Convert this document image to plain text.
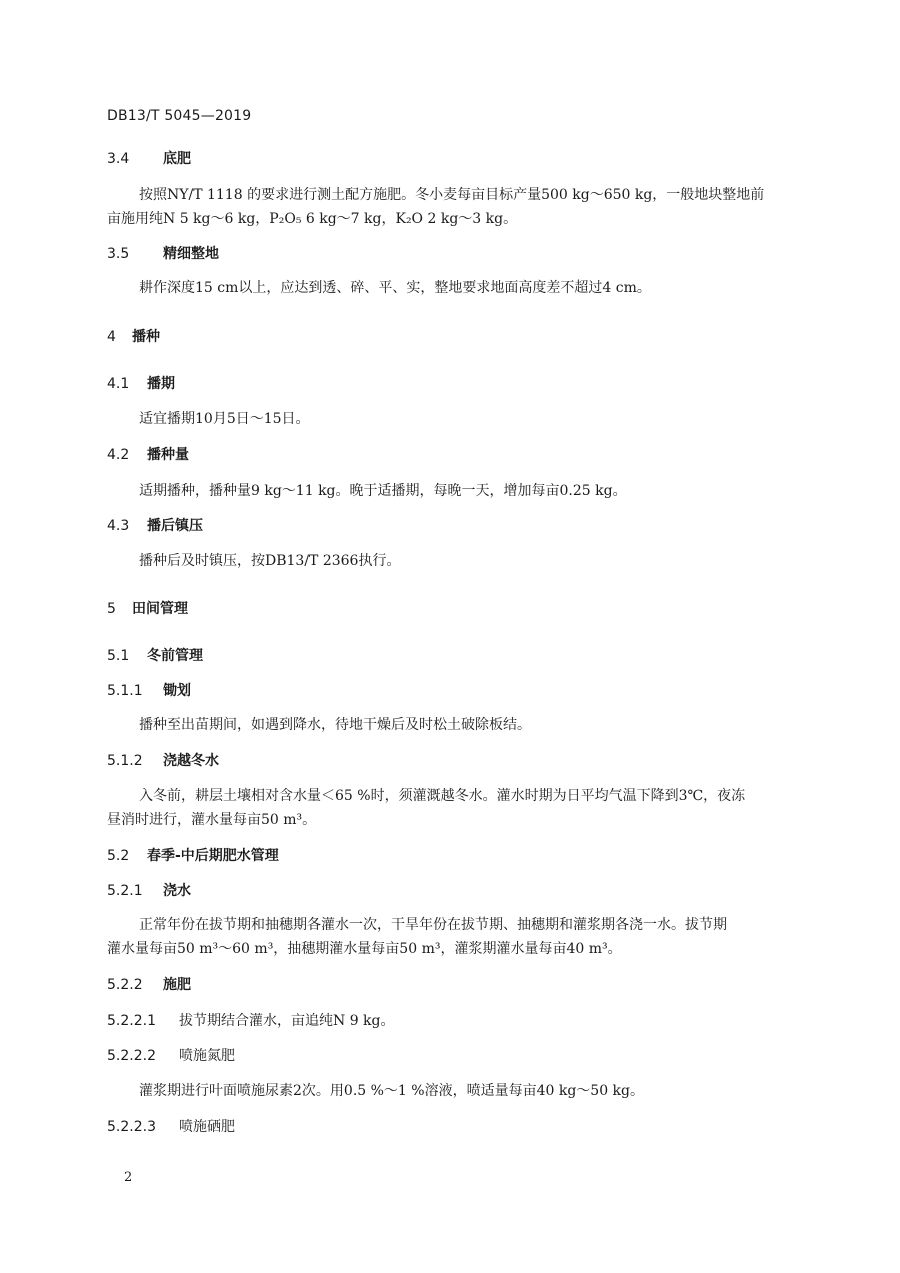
DB13/T 5045—2019
3.4 底肥
按照NY/T 1118 的要求进行测土配方施肥。冬小麦每亩目标产量500 kg～650 kg，一般地块整地前
亩施用纯N 5 kg～6 kg，P₂O₅ 6 kg～7 kg，K₂O 2 kg～3 kg。
3.5 精细整地
耕作深度15 cm以上，应达到透、碎、平、实，整地要求地面高度差不超过4 cm。
4 播种
4.1 播期
适宜播期10月5日～15日。
4.2 播种量
适期播种，播种量9 kg～11 kg。晚于适播期，每晚一天，增加每亩0.25 kg。
4.3 播后镇压
播种后及时镇压，按DB13/T 2366执行。
5 田间管理
5.1 冬前管理
5.1.1 锄划
播种至出苗期间，如遇到降水，待地干燥后及时松土破除板结。
5.1.2 浇越冬水
入冬前，耕层土壤相对含水量＜65 %时，须灌溉越冬水。灌水时期为日平均气温下降到3℃，夜冻
昼消时进行，灌水量每亩50 m³。
5.2 春季-中后期肥水管理
5.2.1 浇水
正常年份在拔节期和抽穗期各灌水一次，干旱年份在拔节期、抽穗期和灌浆期各浇一水。拔节期
灌水量每亩50 m³～60 m³，抽穗期灌水量每亩50 m³，灌浆期灌水量每亩40 m³。
5.2.2 施肥
5.2.2.1 拔节期结合灌水，亩追纯N 9 kg。
5.2.2.2 喷施氮肥
灌浆期进行叶面喷施尿素2次。用0.5 %～1 %溶液，喷适量每亩40 kg～50 kg。
5.2.2.3 喷施硒肥
2
